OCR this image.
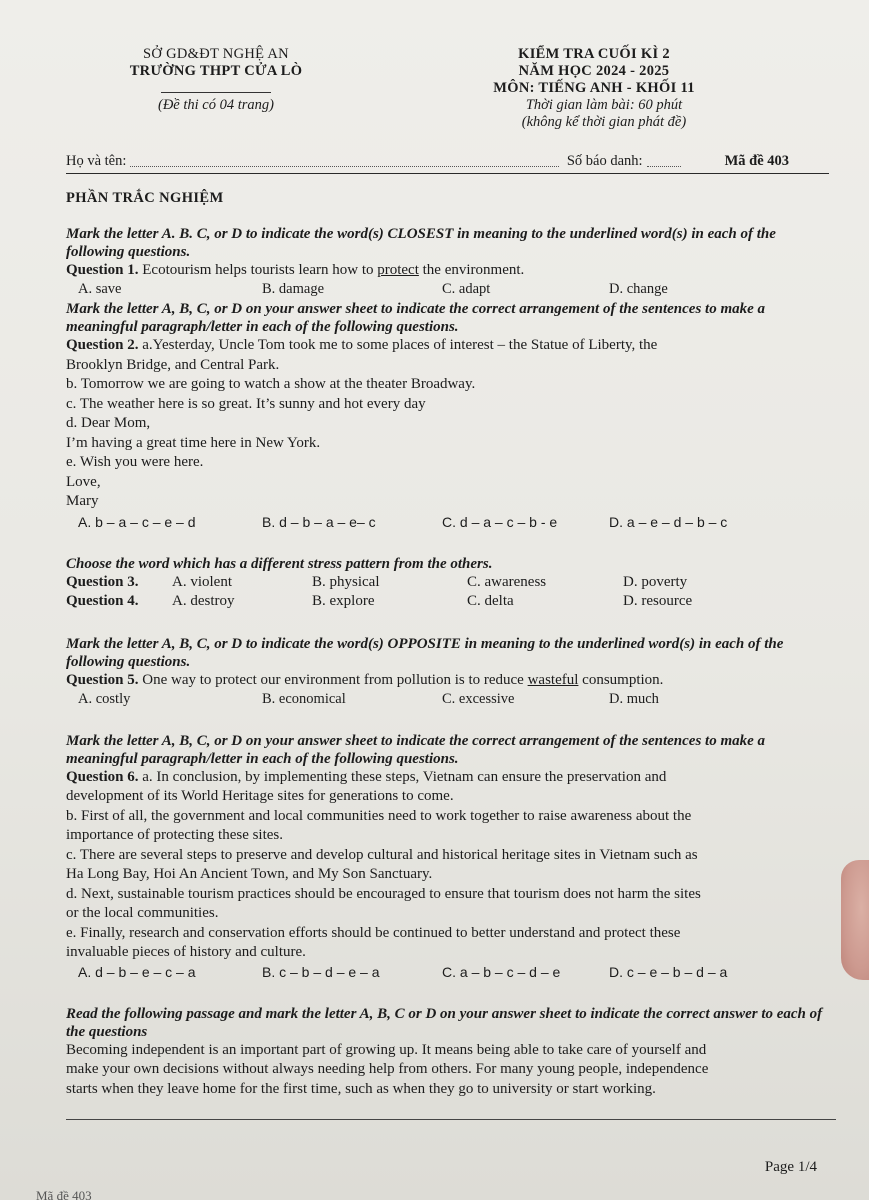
SỞ GD&ĐT NGHỆ AN
TRƯỜNG THPT CỬA LÒ
(Đề thi có 04 trang)
KIỂM TRA CUỐI KÌ 2
NĂM HỌC 2024 - 2025
MÔN: TIẾNG ANH - KHỐI 11
Thời gian làm bài: 60 phút
(không kể thời gian phát đề)
Họ và tên:	Số báo danh:	Mã đề 403
PHẦN TRẮC NGHIỆM
Mark the letter A. B. C, or D to indicate the word(s) CLOSEST in meaning to the underlined word(s) in each of the following questions.

Question 1. Ecotourism helps tourists learn how to protect the environment.

A. save	B. damage	C. adapt	D. change
Mark the letter A, B, C, or D on your answer sheet to indicate the correct arrangement of the sentences to make a meaningful paragraph/letter in each of the following questions.
Question 2. a.Yesterday, Uncle Tom took me to some places of interest – the Statue of Liberty, the
Brooklyn Bridge, and Central Park.
b. Tomorrow we are going to watch a show at the theater Broadway.
c. The weather here is so great. It’s sunny and hot every day
d. Dear Mom,
I’m having a great time here in New York.
e. Wish you were here.
Love,
Mary
A. b – a – c – e – d	B. d – b – a – e– c	C. d – a – c – b - e	D. a – e – d – b – c
Choose the word which has a different stress pattern from the others.
Question 3.	A. violent	B. physical	C. awareness	D. poverty
Question 4.	A. destroy	B. explore	C. delta	D. resource
Mark the letter A, B, C, or D to indicate the word(s) OPPOSITE in meaning to the underlined word(s) in each of the following questions.

Question 5. One way to protect our environment from pollution is to reduce wasteful consumption.

A. costly	B. economical	C. excessive	D. much
Mark the letter A, B, C, or D on your answer sheet to indicate the correct arrangement of the sentences to make a meaningful paragraph/letter in each of the following questions.
Question 6. a. In conclusion, by implementing these steps, Vietnam can ensure the preservation and
development of its World Heritage sites for generations to come.
b. First of all, the government and local communities need to work together to raise awareness about the
importance of protecting these sites.
c. There are several steps to preserve and develop cultural and historical heritage sites in Vietnam such as
Ha Long Bay, Hoi An Ancient Town, and My Son Sanctuary.
d. Next, sustainable tourism practices should be encouraged to ensure that tourism does not harm the sites
or the local communities.
e. Finally, research and conservation efforts should be continued to better understand and protect these
invaluable pieces of history and culture.
A. d – b – e – c – a	B. c – b – d – e – a	C. a – b – c – d – e	D. c – e – b – d – a
Read the following passage and mark the letter A, B, C or D on your answer sheet to indicate the correct answer to each of the questions
Becoming independent is an important part of growing up. It means being able to take care of yourself and
make your own decisions without always needing help from others. For many young people, independence
starts when they leave home for the first time, such as when they go to university or start working.
Page 1/4
Mã đề 403
